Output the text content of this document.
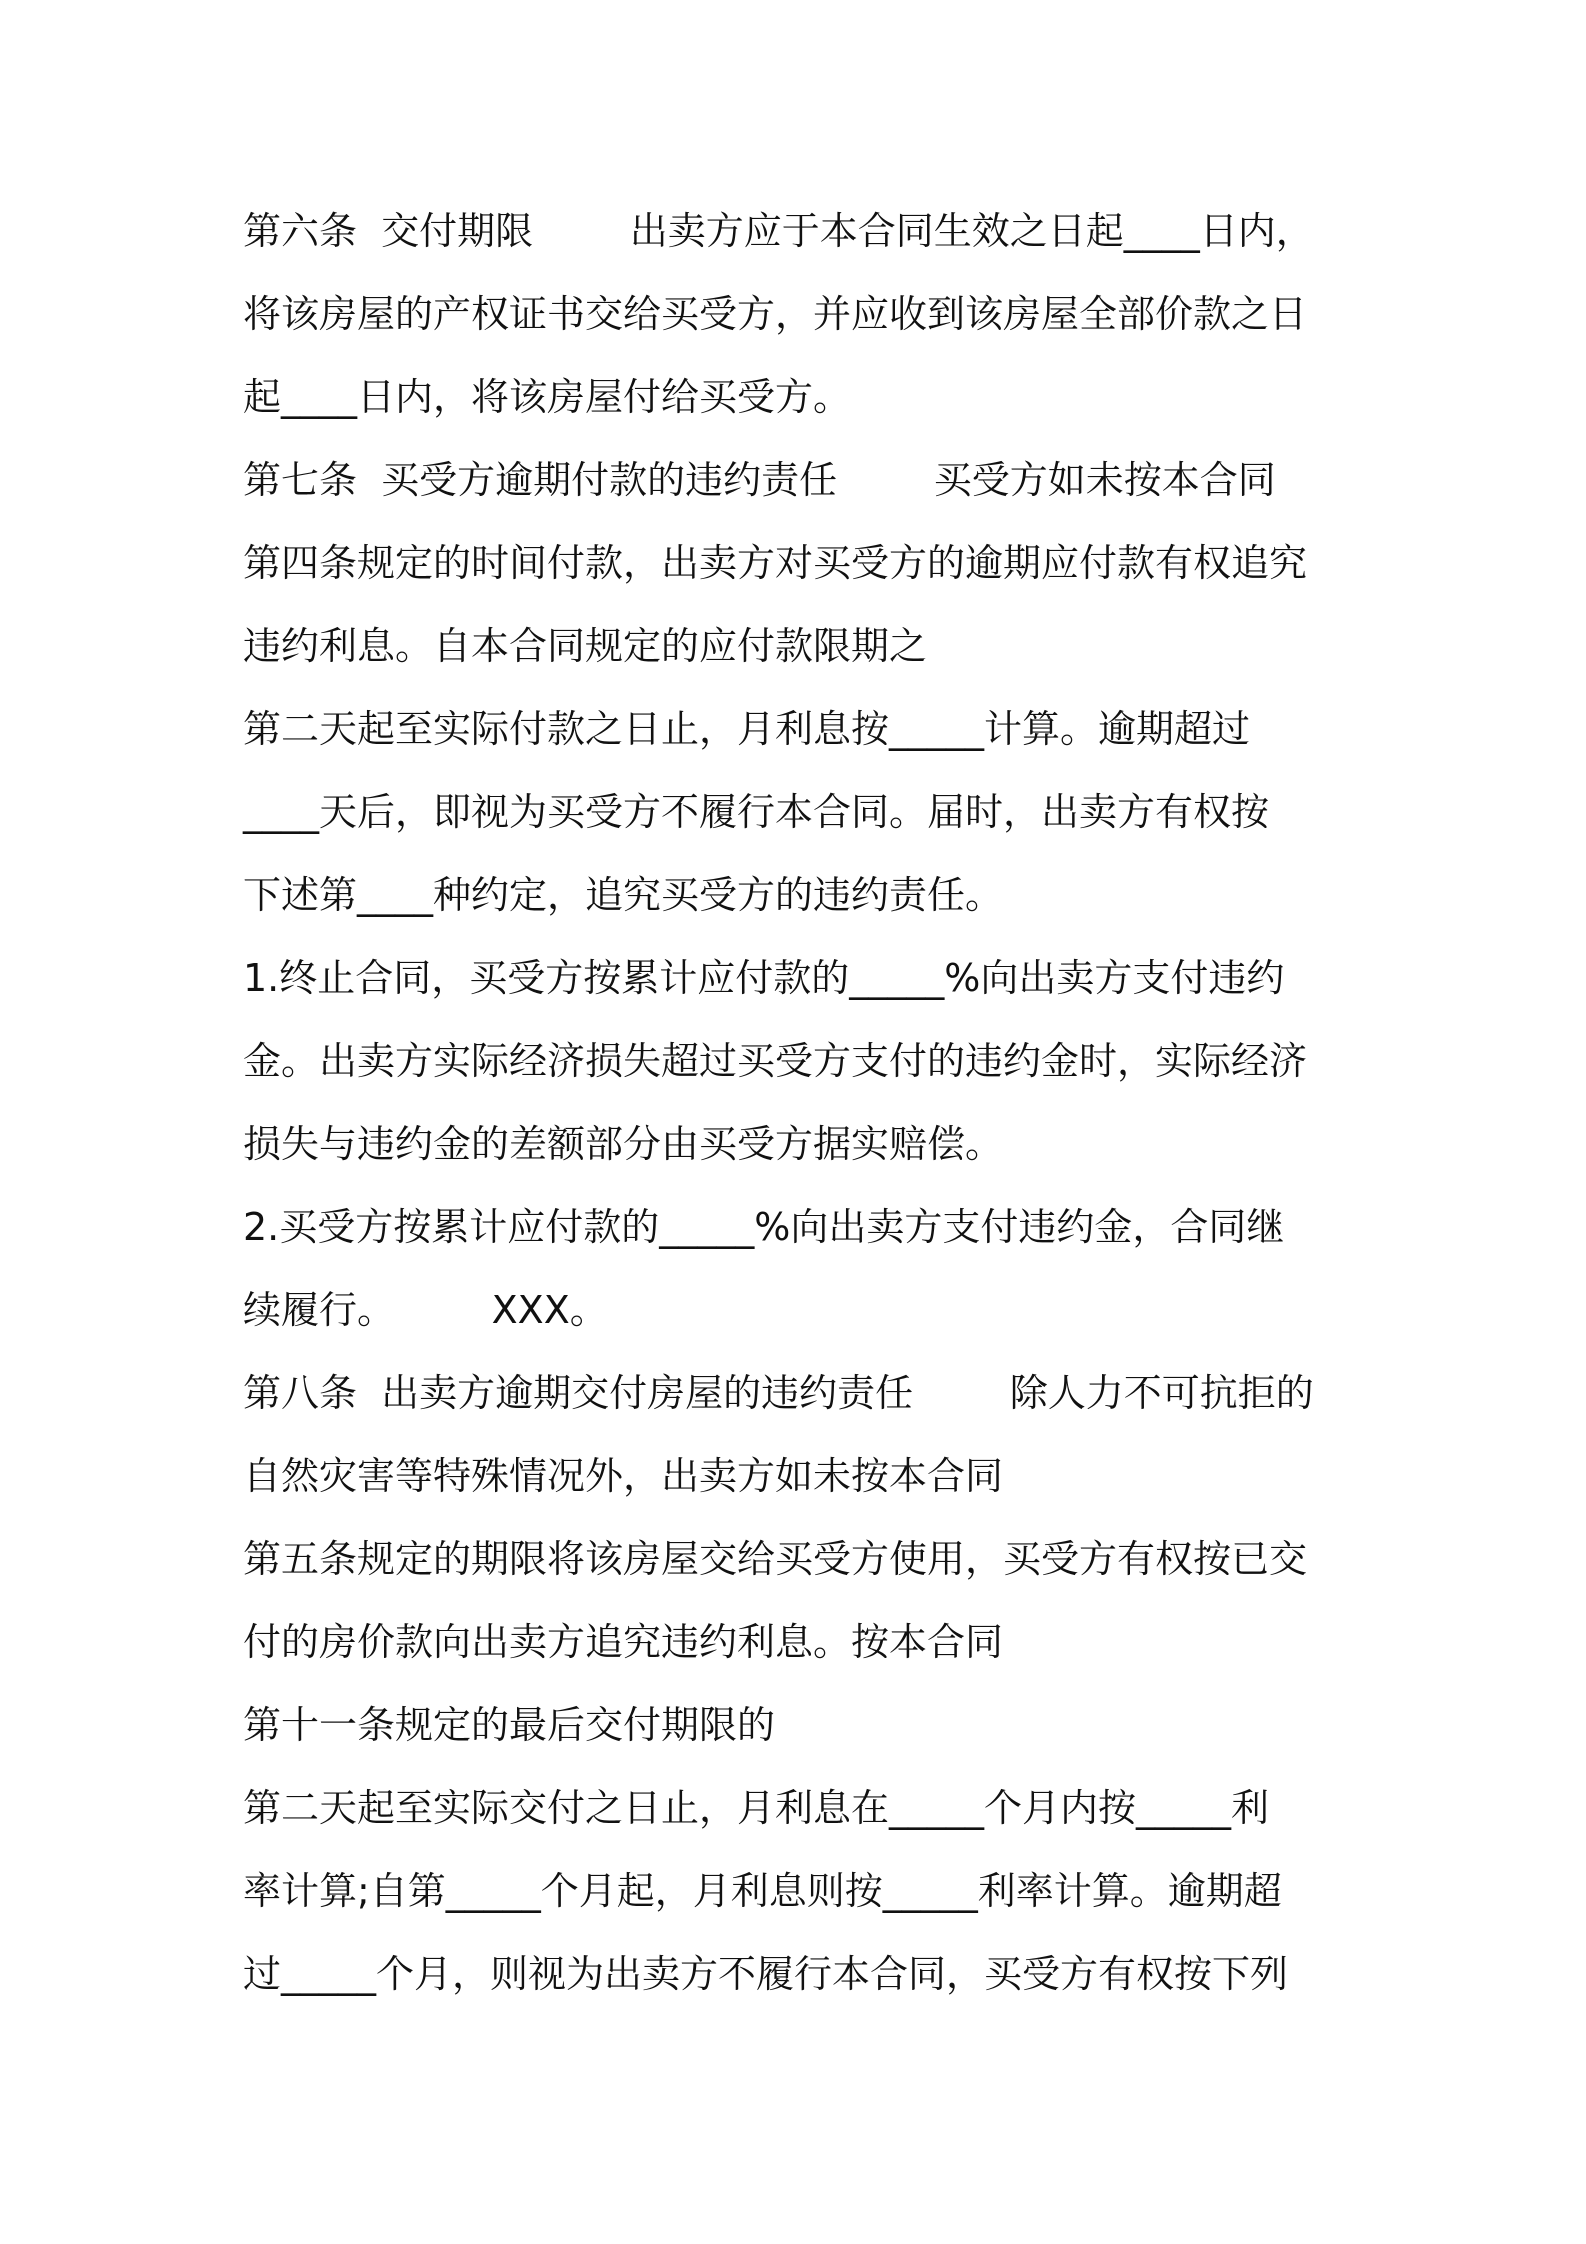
第六条  交付期限        出卖方应于本合同生效之日起____日内，
将该房屋的产权证书交给买受方，并应收到该房屋全部价款之日
起____日内，将该房屋付给买受方。
第七条  买受方逾期付款的违约责任        买受方如未按本合同
第四条规定的时间付款，出卖方对买受方的逾期应付款有权追究
违约利息。自本合同规定的应付款限期之
第二天起至实际付款之日止，月利息按_____计算。逾期超过
____天后，即视为买受方不履行本合同。届时，出卖方有权按
下述第____种约定，追究买受方的违约责任。
1.终止合同，买受方按累计应付款的_____%向出卖方支付违约
金。出卖方实际经济损失超过买受方支付的违约金时，实际经济
损失与违约金的差额部分由买受方据实赔偿。
2.买受方按累计应付款的_____%向出卖方支付违约金，合同继
续履行。        XXX。
第八条  出卖方逾期交付房屋的违约责任        除人力不可抗拒的
自然灾害等特殊情况外，出卖方如未按本合同
第五条规定的期限将该房屋交给买受方使用，买受方有权按已交
付的房价款向出卖方追究违约利息。按本合同
第十一条规定的最后交付期限的
第二天起至实际交付之日止，月利息在_____个月内按_____利
率计算;自第_____个月起，月利息则按_____利率计算。逾期超
过_____个月，则视为出卖方不履行本合同，买受方有权按下列
